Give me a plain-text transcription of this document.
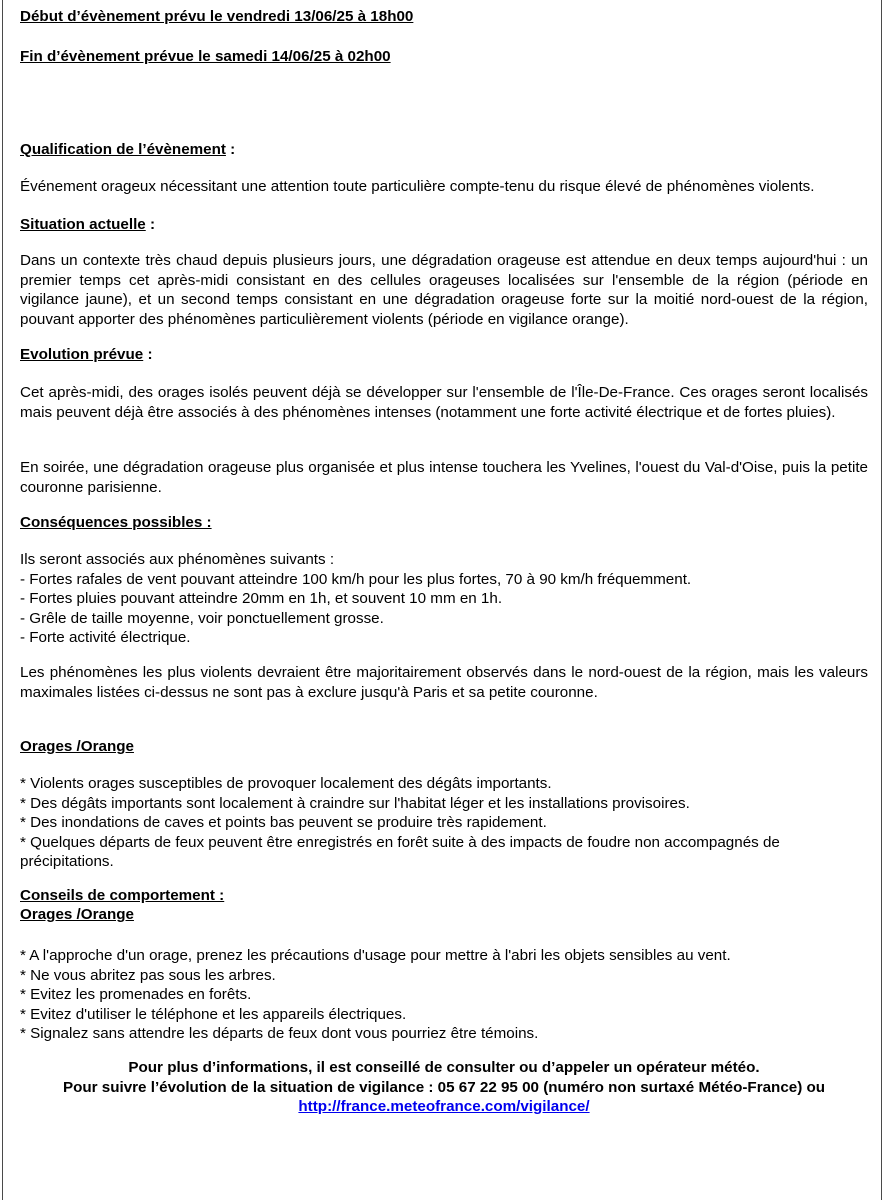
Début d’évènement prévu le vendredi 13/06/25 à 18h00
Fin d’évènement prévue le samedi 14/06/25 à 02h00
Qualification de l’évènement :
Événement orageux nécessitant une attention toute particulière compte-tenu du risque élevé de phénomènes violents.
Situation actuelle :

Dans un contexte très chaud depuis plusieurs jours, une dégradation orageuse est attendue en deux temps aujourd'hui : un premier temps cet après-midi consistant en des cellules orageuses localisées sur l'ensemble de la région (période en vigilance jaune), et un second temps consistant en une dégradation orageuse forte sur la moitié nord-ouest de la région, pouvant apporter des phénomènes particulièrement violents (période en vigilance orange).

Evolution prévue :

Cet après-midi, des orages isolés peuvent déjà se développer sur l'ensemble de l'Île-De-France. Ces orages seront localisés mais peuvent déjà être associés à des phénomènes intenses (notamment une forte activité électrique et de fortes pluies).

En soirée, une dégradation orageuse plus organisée et plus intense touchera les Yvelines, l'ouest du Val-d'Oise, puis la petite couronne parisienne.

Conséquences possibles :
Ils seront associés aux phénomènes suivants :
- Fortes rafales de vent pouvant atteindre 100 km/h pour les plus fortes, 70 à 90 km/h fréquemment.
- Fortes pluies pouvant atteindre 20mm en 1h, et souvent 10 mm en 1h.
- Grêle de taille moyenne, voir ponctuellement grosse.
- Forte activité électrique.

Les phénomènes les plus violents devraient être majoritairement observés dans le nord-ouest de la région, mais les valeurs maximales listées ci-dessus ne sont pas à exclure jusqu'à Paris et sa petite couronne.

Orages /Orange
* Violents orages susceptibles de provoquer localement des dégâts importants.
* Des dégâts importants sont localement à craindre sur l'habitat léger et les installations provisoires.
* Des inondations de caves et points bas peuvent se produire très rapidement.
* Quelques départs de feux peuvent être enregistrés en forêt suite à des impacts de foudre non accompagnés de précipitations.
Conseils de comportement :
Orages /Orange
* A l'approche d'un orage, prenez les précautions d'usage pour mettre à l'abri les objets sensibles au vent.
* Ne vous abritez pas sous les arbres.
* Evitez les promenades en forêts.
* Evitez d'utiliser le téléphone et les appareils électriques.
* Signalez sans attendre les départs de feux dont vous pourriez être témoins.
Pour plus d’informations, il est conseillé de consulter ou d’appeler un opérateur météo.
Pour suivre l’évolution de la situation de vigilance : 05 67 22 95 00 (numéro non surtaxé Météo-France) ou
http://france.meteofrance.com/vigilance/
